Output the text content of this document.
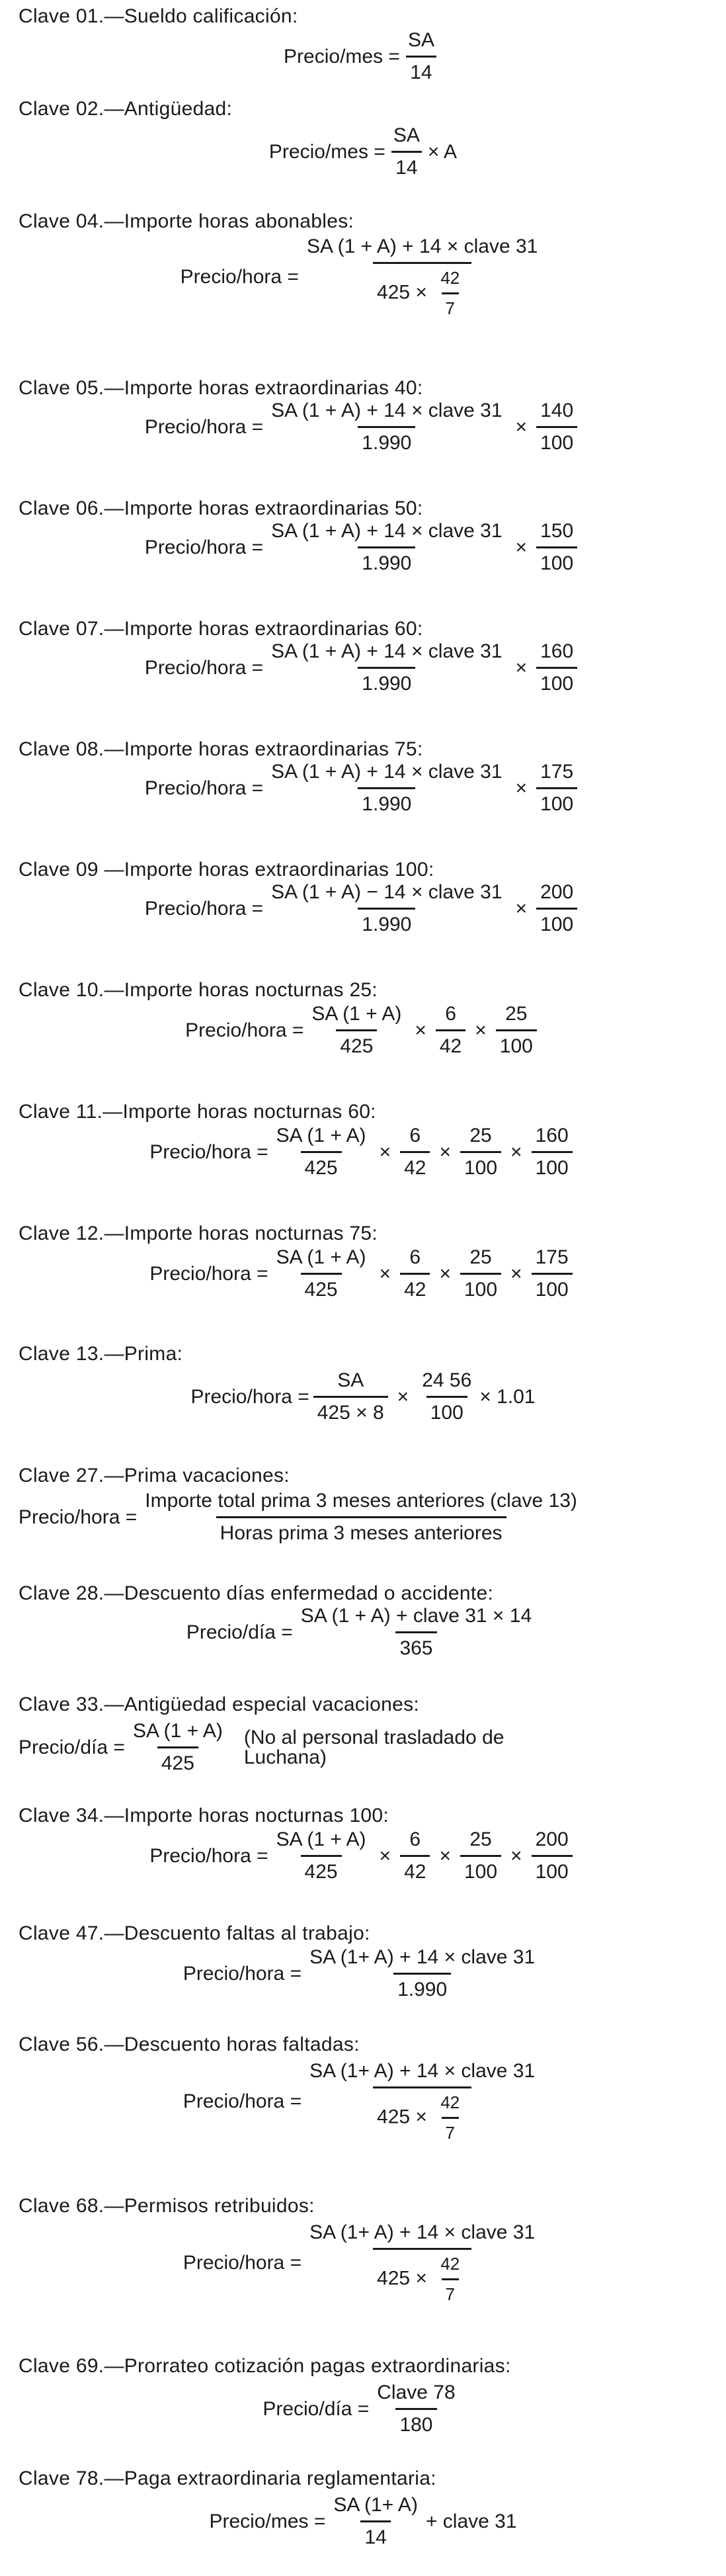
Clave 01.—Sueldo calificación:
Precio/mes = $\frac{SA}{14}$
Clave 02.—Antigüedad:
Precio/mes = $\frac{SA}{14} \times A$
Clave 04.—Importe horas abonables:
Precio/hora = $\frac{\text{SA (1 + A) + 14 × clave 31}}{425 \times \frac{42}{7}}$
Clave 05.—Importe horas extraordinarias 40:
Precio/hora = $\frac{\text{SA (1 + A) + 14 × clave 31}}{1.990} \times \frac{140}{100}$
Clave 06.—Importe horas extraordinarias 50:
Precio/hora = $\frac{\text{SA (1 + A) + 14 × clave 31}}{1.990} \times \frac{150}{100}$
Clave 07.—Importe horas extraordinarias 60:
Precio/hora = $\frac{\text{SA (1 + A) + 14 × clave 31}}{1.990} \times \frac{160}{100}$
Clave 08.—Importe horas extraordinarias 75:
Precio/hora = $\frac{\text{SA (1 + A) + 14 × clave 31}}{1.990} \times \frac{175}{100}$
Clave 09 —Importe horas extraordinarias 100:
Precio/hora = $\frac{\text{SA (1 + A) − 14 × clave 31}}{1.990} \times \frac{200}{100}$
Clave 10.—Importe horas nocturnas 25:
Precio/hora = $\frac{SA (1 + A)}{425} \times \frac{6}{42} \times \frac{25}{100}$
Clave 11.—Importe horas nocturnas 60:
Precio/hora = $\frac{SA (1 + A)}{425} \times \frac{6}{42} \times \frac{25}{100} \times \frac{160}{100}$
Clave 12.—Importe horas nocturnas 75:
Precio/hora = $\frac{SA (1 + A)}{425} \times \frac{6}{42} \times \frac{25}{100} \times \frac{175}{100}$
Clave 13.—Prima:
Precio/hora = $\frac{SA}{425 \times 8} \times \frac{24 56}{100} \times 1.01$
Clave 27.—Prima vacaciones:
Precio/hora = $\frac{\text{Importe total prima 3 meses anteriores (clave 13)}}{\text{Horas prima 3 meses anteriores}}$
Clave 28.—Descuento días enfermedad o accidente:
Precio/día = $\frac{\text{SA (1 + A) + clave 31 × 14}}{365}$
Clave 33.—Antigüedad especial vacaciones:
Precio/día = $\frac{SA (1 + A)}{425} (No$ al personal trasladado de Luchana)
Clave 34.—Importe horas nocturnas 100:
Precio/hora = $\frac{SA (1 + A)}{425} \times \frac{6}{42} \times \frac{25}{100} \times \frac{200}{100}$
Clave 47.—Descuento faltas al trabajo:
Precio/hora = $\frac{\text{SA (1+ A) + 14 × clave 31}}{1.990}$
Clave 56.—Descuento horas faltadas:
Precio/hora = $\frac{\text{SA (1+ A) + 14 × clave 31}}{425 \times \frac{42}{7}}$
Clave 68.—Permisos retribuidos:
Precio/hora = $\frac{\text{SA (1+ A) + 14 × clave 31}}{425 \times \frac{42}{7}}$
Clave 69.—Prorrateo cotización pagas extraordinarias:
Precio/día = $\frac{\text{Clave 78}}{180}$
Clave 78.—Paga extraordinaria reglamentaria:
Precio/mes = $\frac{SA (1+ A)}{14}$ + clave 31
